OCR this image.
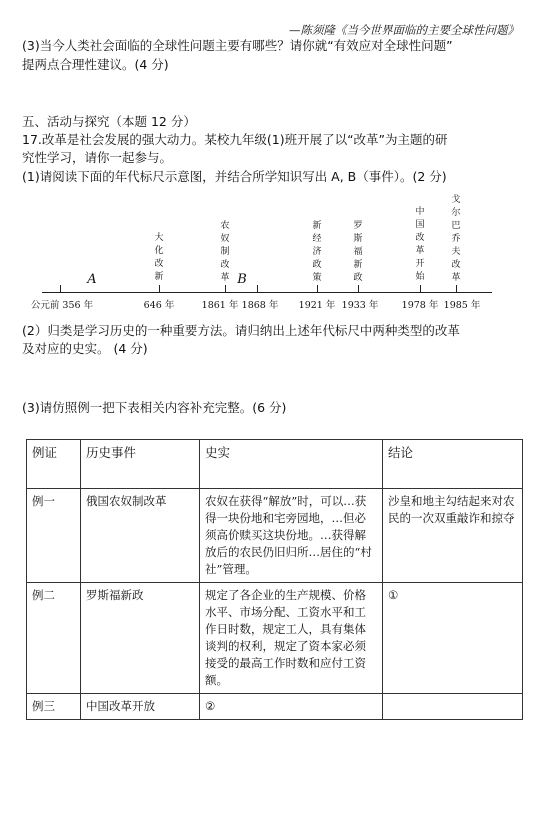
—陈须隆《当今世界面临的主要全球性问题》
(3)当今人类社会面临的全球性问题主要有哪些？请你就“有效应对全球性问题”
提两点合理性建议。(4 分)
五、活动与探究（本题 12 分）
17.改革是社会发展的强大动力。某校九年级(1)班开展了以“改革”为主题的研
究性学习，请你一起参与。
(1)请阅读下面的年代标尺示意图，并结合所学知识写出 A, B（事件）。(2 分)
公元前 356 年	646 年	1861 年 1868 年 1921 年 1933 年 1978 年 1985 年
A	B
大化改新
农奴制改革
新经济政策
罗斯福新政
中国改革开始
戈尔巴乔夫改革
(2）归类是学习历史的一种重要方法。请归纳出上述年代标尺中两种类型的改革
及对应的史实。 (4 分)
(3)请仿照例一把下表相关内容补充完整。(6 分)
例证	历史事件	史实	结论
例一	俄国农奴制改革	农奴在获得“解放”时，可以…获得一块份地和宅旁园地，…但必须高价赎买这块份地。…获得解放后的农民仍旧归所…居住的“村社”管理。	沙皇和地主勾结起来对农民的一次双重敲诈和掠夺
例二	罗斯福新政	规定了各企业的生产规模、价格水平、市场分配、工资水平和工作日时数，规定工人，具有集体谈判的权利，规定了资本家必须接受的最高工作时数和应付工资额。	①
例三	中国改革开放	②	
